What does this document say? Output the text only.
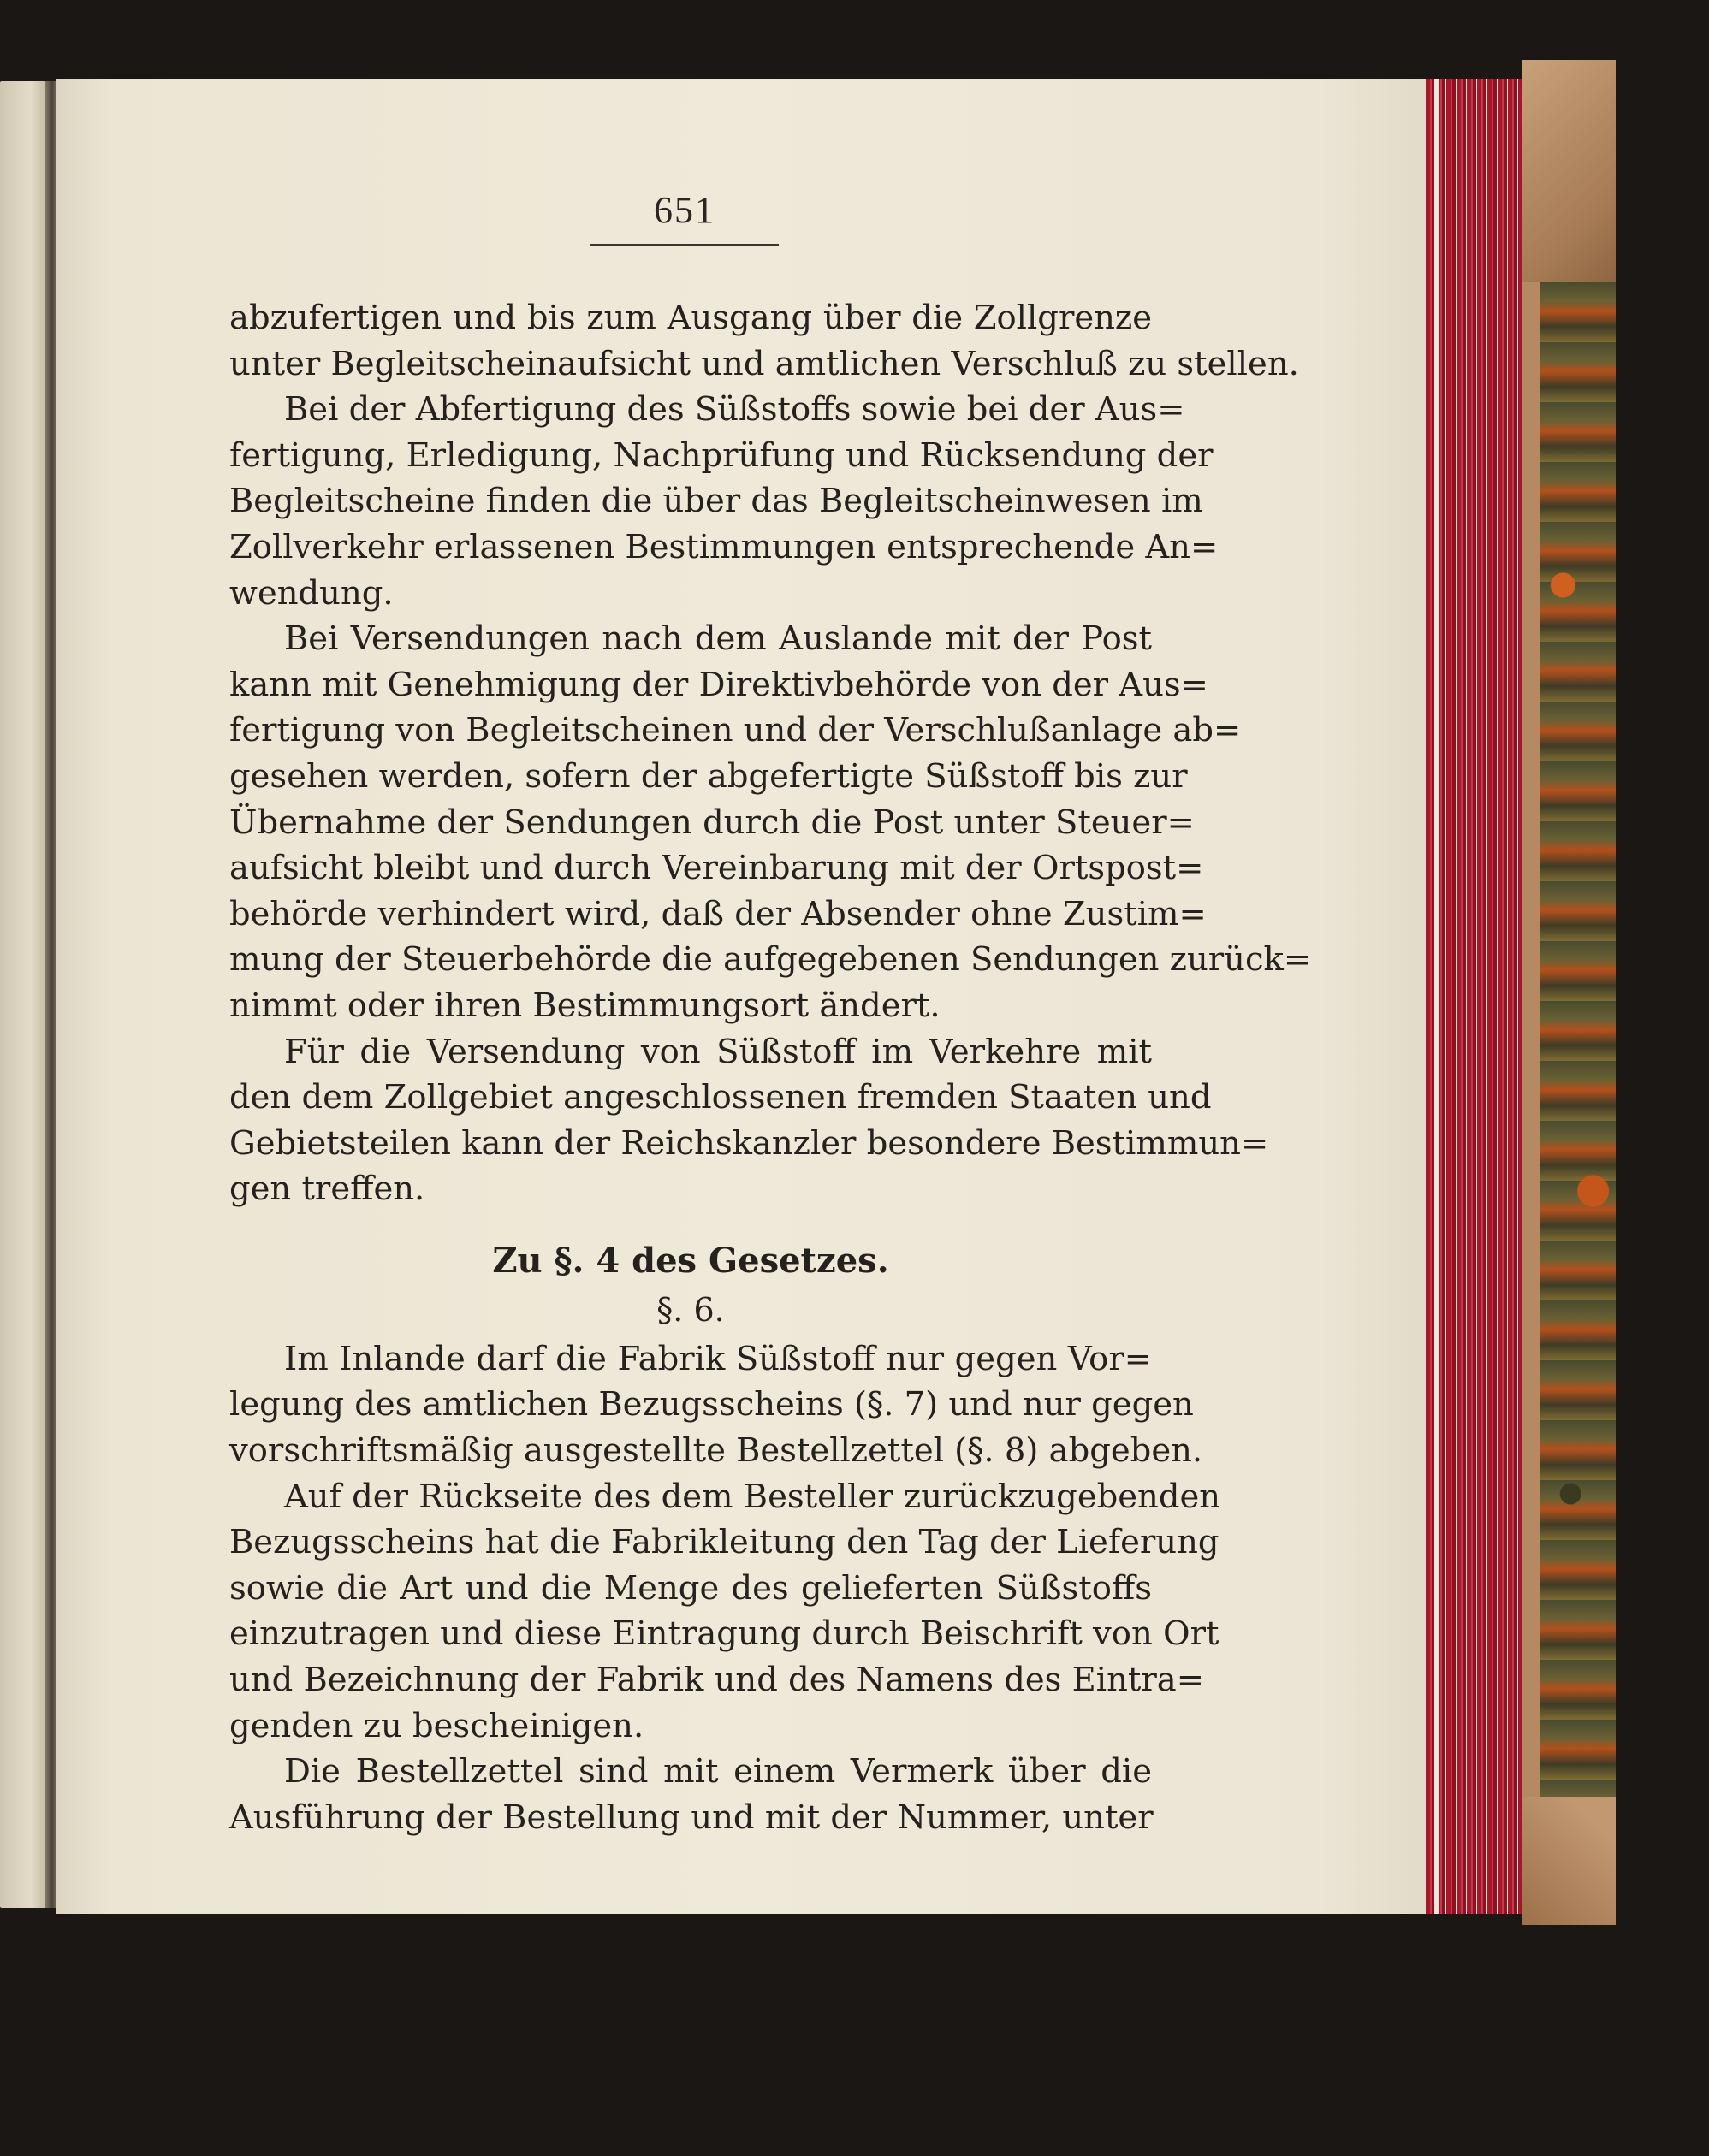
651
abzufertigen und bis zum Ausgang über die Zollgrenze
unter Begleitscheinaufsicht und amtlichen Verschluß zu stellen.
Bei der Abfertigung des Süßstoffs sowie bei der Aus=
fertigung, Erledigung, Nachprüfung und Rücksendung der
Begleitscheine finden die über das Begleitscheinwesen im
Zollverkehr erlassenen Bestimmungen entsprechende An=
wendung.
Bei Versendungen nach dem Auslande mit der Post
kann mit Genehmigung der Direktivbehörde von der Aus=
fertigung von Begleitscheinen und der Verschlußanlage ab=
gesehen werden, sofern der abgefertigte Süßstoff bis zur
Übernahme der Sendungen durch die Post unter Steuer=
aufsicht bleibt und durch Vereinbarung mit der Ortspost=
behörde verhindert wird, daß der Absender ohne Zustim=
mung der Steuerbehörde die aufgegebenen Sendungen zurück=
nimmt oder ihren Bestimmungsort ändert.
Für die Versendung von Süßstoff im Verkehre mit
den dem Zollgebiet angeschlossenen fremden Staaten und
Gebietsteilen kann der Reichskanzler besondere Bestimmun=
gen treffen.
Zu §. 4 des Gesetzes.
§. 6.
Im Inlande darf die Fabrik Süßstoff nur gegen Vor=
legung des amtlichen Bezugsscheins (§. 7) und nur gegen
vorschriftsmäßig ausgestellte Bestellzettel (§. 8) abgeben.
Auf der Rückseite des dem Besteller zurückzugebenden
Bezugsscheins hat die Fabrikleitung den Tag der Lieferung
sowie die Art und die Menge des gelieferten Süßstoffs
einzutragen und diese Eintragung durch Beischrift von Ort
und Bezeichnung der Fabrik und des Namens des Eintra=
genden zu bescheinigen.
Die Bestellzettel sind mit einem Vermerk über die
Ausführung der Bestellung und mit der Nummer, unter
